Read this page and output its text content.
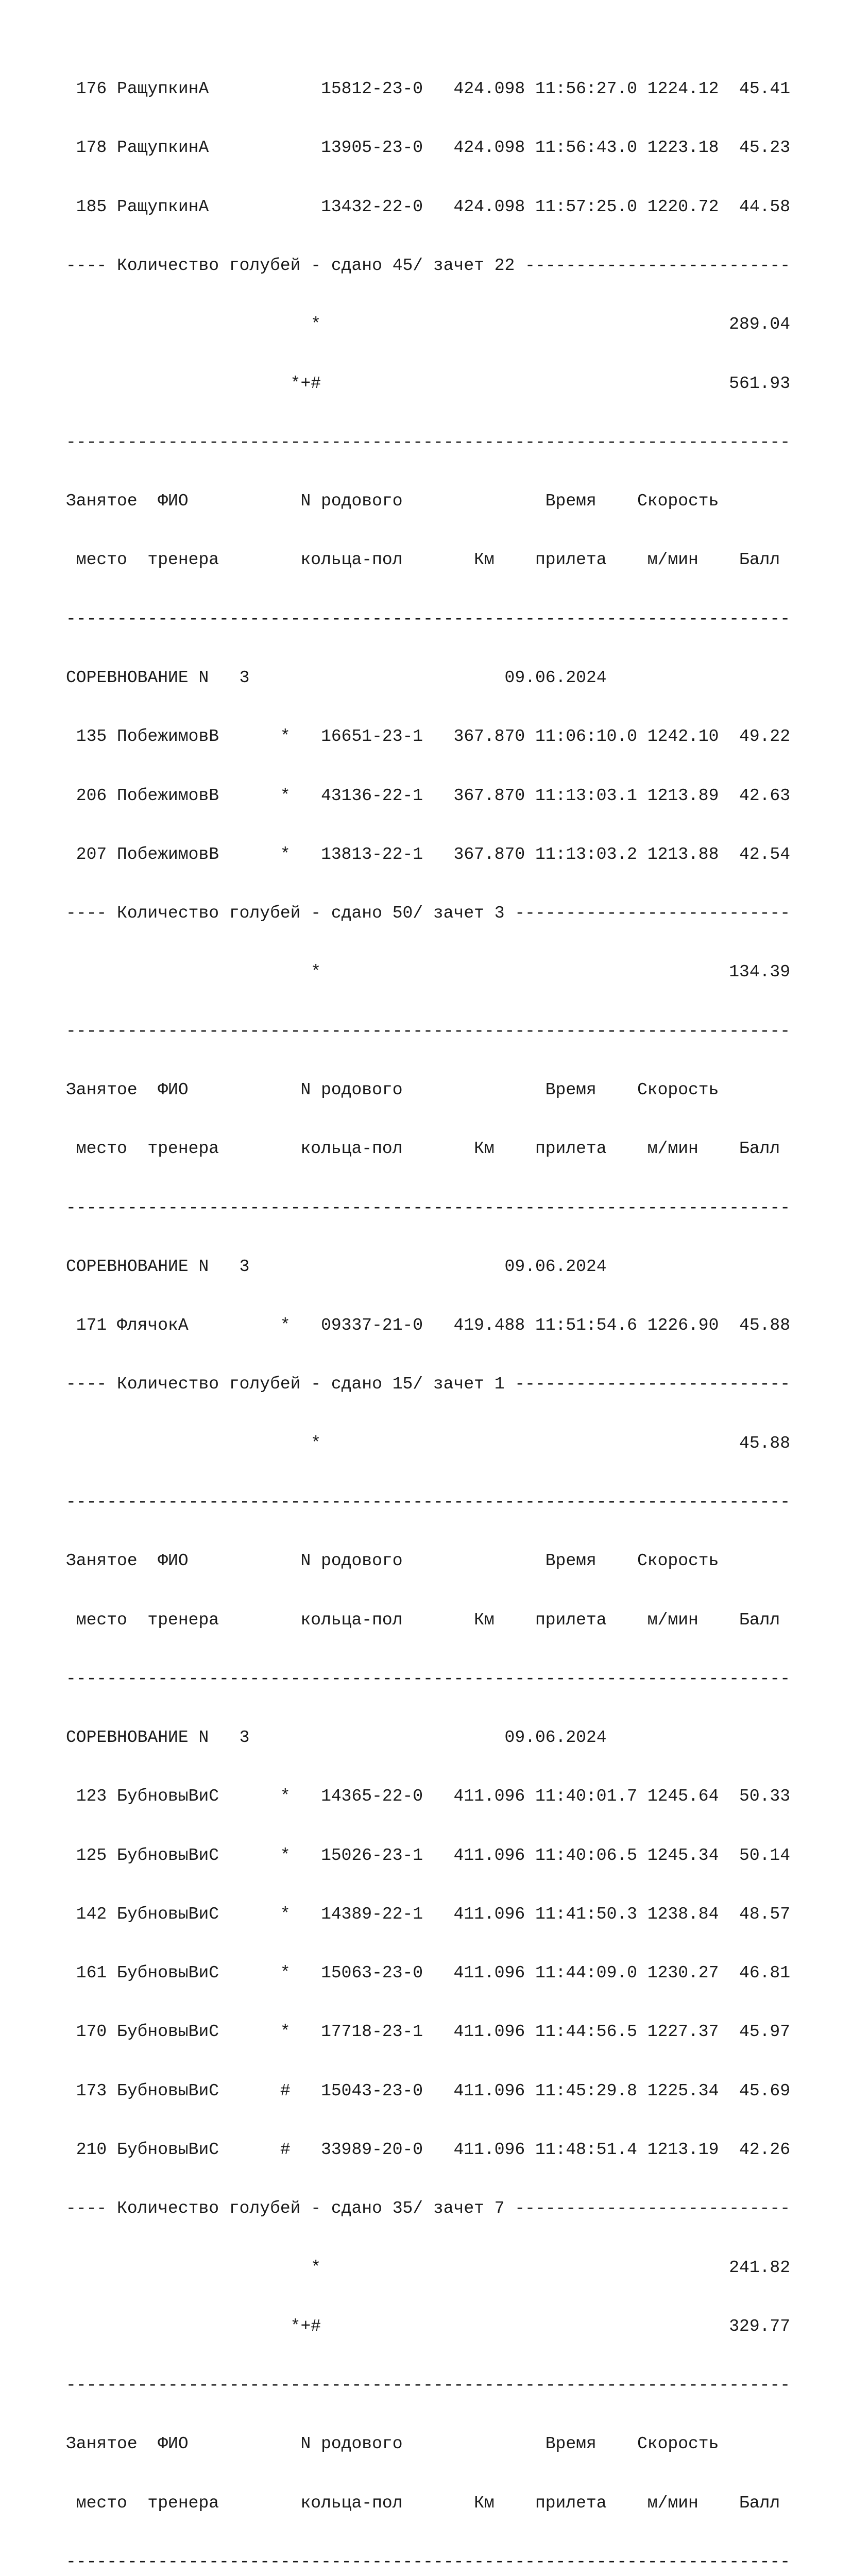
176 РащупкинА           15812-23-0   424.098 11:56:27.0 1224.12  45.41

178 РащупкинА           13905-23-0   424.098 11:56:43.0 1223.18  45.23

185 РащупкинА           13432-22-0   424.098 11:57:25.0 1220.72  44.58

---- Количество голубей - сдано 45/ зачет 22 --------------------------

*                                        289.04

*+#                                        561.93

-----------------------------------------------------------------------

Занятое  ФИО           N родового              Время    Скорость

место  тренера        кольца-пол       Км    прилета    м/мин    Балл

-----------------------------------------------------------------------

СОРЕВНОВАНИЕ N   3                         09.06.2024

135 ПобежимовВ      *   16651-23-1   367.870 11:06:10.0 1242.10  49.22

206 ПобежимовВ      *   43136-22-1   367.870 11:13:03.1 1213.89  42.63

207 ПобежимовВ      *   13813-22-1   367.870 11:13:03.2 1213.88  42.54

---- Количество голубей - сдано 50/ зачет 3 ---------------------------

*                                        134.39

-----------------------------------------------------------------------

Занятое  ФИО           N родового              Время    Скорость

место  тренера        кольца-пол       Км    прилета    м/мин    Балл

-----------------------------------------------------------------------

СОРЕВНОВАНИЕ N   3                         09.06.2024

171 ФлячокА         *   09337-21-0   419.488 11:51:54.6 1226.90  45.88

---- Количество голубей - сдано 15/ зачет 1 ---------------------------

*                                         45.88

-----------------------------------------------------------------------

Занятое  ФИО           N родового              Время    Скорость

место  тренера        кольца-пол       Км    прилета    м/мин    Балл

-----------------------------------------------------------------------

СОРЕВНОВАНИЕ N   3                         09.06.2024

123 БубновыВиС      *   14365-22-0   411.096 11:40:01.7 1245.64  50.33

125 БубновыВиС      *   15026-23-1   411.096 11:40:06.5 1245.34  50.14

142 БубновыВиС      *   14389-22-1   411.096 11:41:50.3 1238.84  48.57

161 БубновыВиС      *   15063-23-0   411.096 11:44:09.0 1230.27  46.81

170 БубновыВиС      *   17718-23-1   411.096 11:44:56.5 1227.37  45.97

173 БубновыВиС      #   15043-23-0   411.096 11:45:29.8 1225.34  45.69

210 БубновыВиС      #   33989-20-0   411.096 11:48:51.4 1213.19  42.26

---- Количество голубей - сдано 35/ зачет 7 ---------------------------

*                                        241.82

*+#                                        329.77

-----------------------------------------------------------------------

Занятое  ФИО           N родового              Время    Скорость

место  тренера        кольца-пол       Км    прилета    м/мин    Балл

-----------------------------------------------------------------------
